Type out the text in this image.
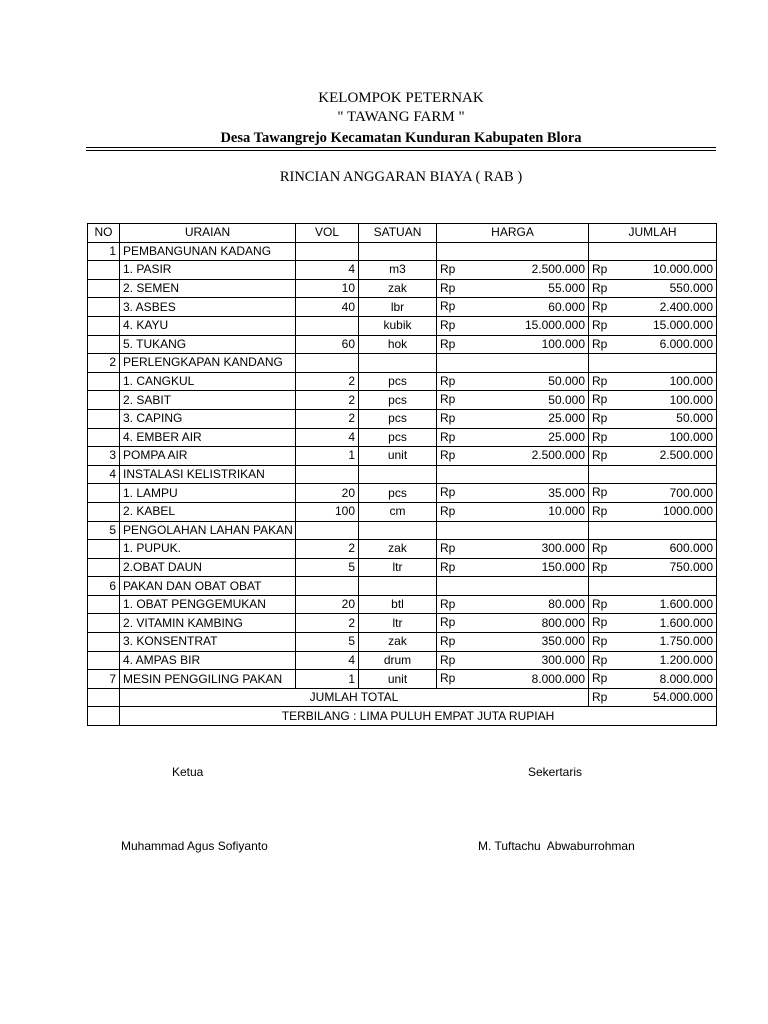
KELOMPOK PETERNAK
" TAWANG FARM "
Desa Tawangrejo Kecamatan Kunduran Kabupaten Blora
RINCIAN ANGGARAN BIAYA ( RAB )
NO	URAIAN	VOL	SATUAN	HARGA	JUMLAH
1	PEMBANGUNAN KADANG			

	1. PASIR	4	m3	Rp 2.500.000	Rp 10.000.000

	2. SEMEN	10	zak	Rp 55.000	Rp 550.000

	3. ASBES	40	lbr	Rp 60.000	Rp 2.400.000

	4. KAYU		kubik	Rp 15.000.000	Rp 15.000.000

	5. TUKANG	60	hok	Rp 100.000	Rp 6.000.000

2	PERLENGKAPAN KANDANG			

	1. CANGKUL	2	pcs	Rp 50.000	Rp 100.000

	2. SABIT	2	pcs	Rp 50.000	Rp 100.000

	3. CAPING	2	pcs	Rp 25.000	Rp 50.000

	4. EMBER AIR	4	pcs	Rp 25.000	Rp 100.000

3	POMPA AIR	1	unit	Rp 2.500.000	Rp 2.500.000

4	INSTALASI KELISTRIKAN			

	1. LAMPU	20	pcs	Rp 35.000	Rp 700.000

	2. KABEL	100	cm	Rp 10.000	Rp 1000.000

5	PENGOLAHAN LAHAN PAKAN			

	1. PUPUK.	2	zak	Rp 300.000	Rp 600.000

	2.OBAT DAUN	5	ltr	Rp 150.000	Rp 750.000

6	PAKAN DAN OBAT OBAT			

	1. OBAT PENGGEMUKAN	20	btl	Rp 80.000	Rp 1.600.000

	2. VITAMIN KAMBING	2	ltr	Rp 800.000	Rp 1.600.000

	3. KONSENTRAT	5	zak	Rp 350.000	Rp 1.750.000

	4. AMPAS BIR	4	drum	Rp 300.000	Rp 1.200.000

7	MESIN PENGGILING PAKAN	1	unit	Rp 8.000.000	Rp 8.000.000

	JUMLAH TOTAL				Rp 54.000.000

	TERBILANG : LIMA PULUH EMPAT JUTA RUPIAH				
Ketua	Sekertaris
Muhammad Agus Sofiyanto	M. Tuftachu  Abwaburrohman
